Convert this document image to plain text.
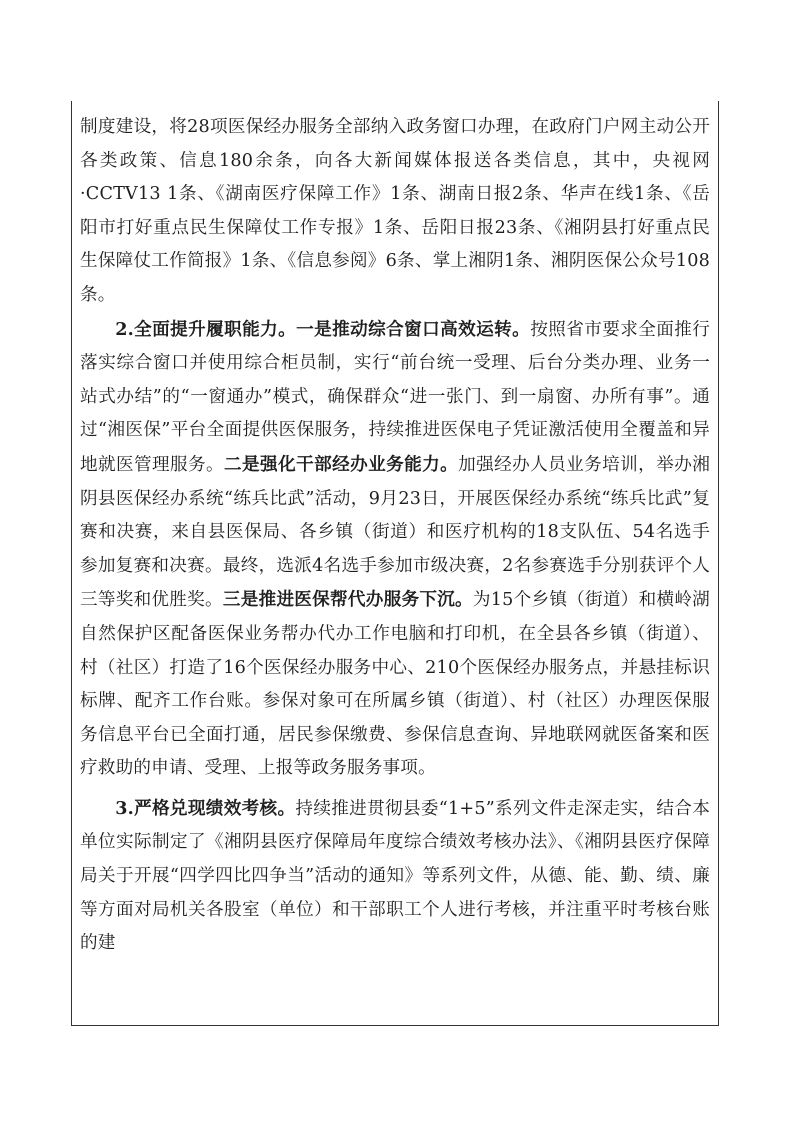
制度建设，将28项医保经办服务全部纳入政务窗口办理，在政府门户网主动公开各类政策、信息180余条，向各大新闻媒体报送各类信息，其中，央视网·CCTV13 1条、《湖南医疗保障工作》1条、湖南日报2条、华声在线1条、《岳阳市打好重点民生保障仗工作专报》1条、岳阳日报23条、《湘阴县打好重点民生保障仗工作简报》1条、《信息参阅》6条、掌上湘阴1条、湘阴医保公众号108条。

2.全面提升履职能力。一是推动综合窗口高效运转。按照省市要求全面推行落实综合窗口并使用综合柜员制，实行“前台统一受理、后台分类办理、业务一站式办结”的“一窗通办”模式，确保群众“进一张门、到一扇窗、办所有事”。通过“湘医保”平台全面提供医保服务，持续推进医保电子凭证激活使用全覆盖和异地就医管理服务。二是强化干部经办业务能力。加强经办人员业务培训，举办湘阴县医保经办系统“练兵比武”活动，9月23日，开展医保经办系统“练兵比武”复赛和决赛，来自县医保局、各乡镇（街道）和医疗机构的18支队伍、54名选手参加复赛和决赛。最终，选派4名选手参加市级决赛，2名参赛选手分别获评个人三等奖和优胜奖。三是推进医保帮代办服务下沉。为15个乡镇（街道）和横岭湖自然保护区配备医保业务帮办代办工作电脑和打印机，在全县各乡镇（街道）、村（社区）打造了16个医保经办服务中心、210个医保经办服务点，并悬挂标识标牌、配齐工作台账。参保对象可在所属乡镇（街道）、村（社区）办理医保服务信息平台已全面打通，居民参保缴费、参保信息查询、异地联网就医备案和医疗救助的申请、受理、上报等政务服务事项。

3.严格兑现绩效考核。持续推进贯彻县委“1+5”系列文件走深走实，结合本单位实际制定了《湘阴县医疗保障局年度综合绩效考核办法》、《湘阴县医疗保障局关于开展“四学四比四争当”活动的通知》等系列文件，从德、能、勤、绩、廉等方面对局机关各股室（单位）和干部职工个人进行考核，并注重平时考核台账的建
